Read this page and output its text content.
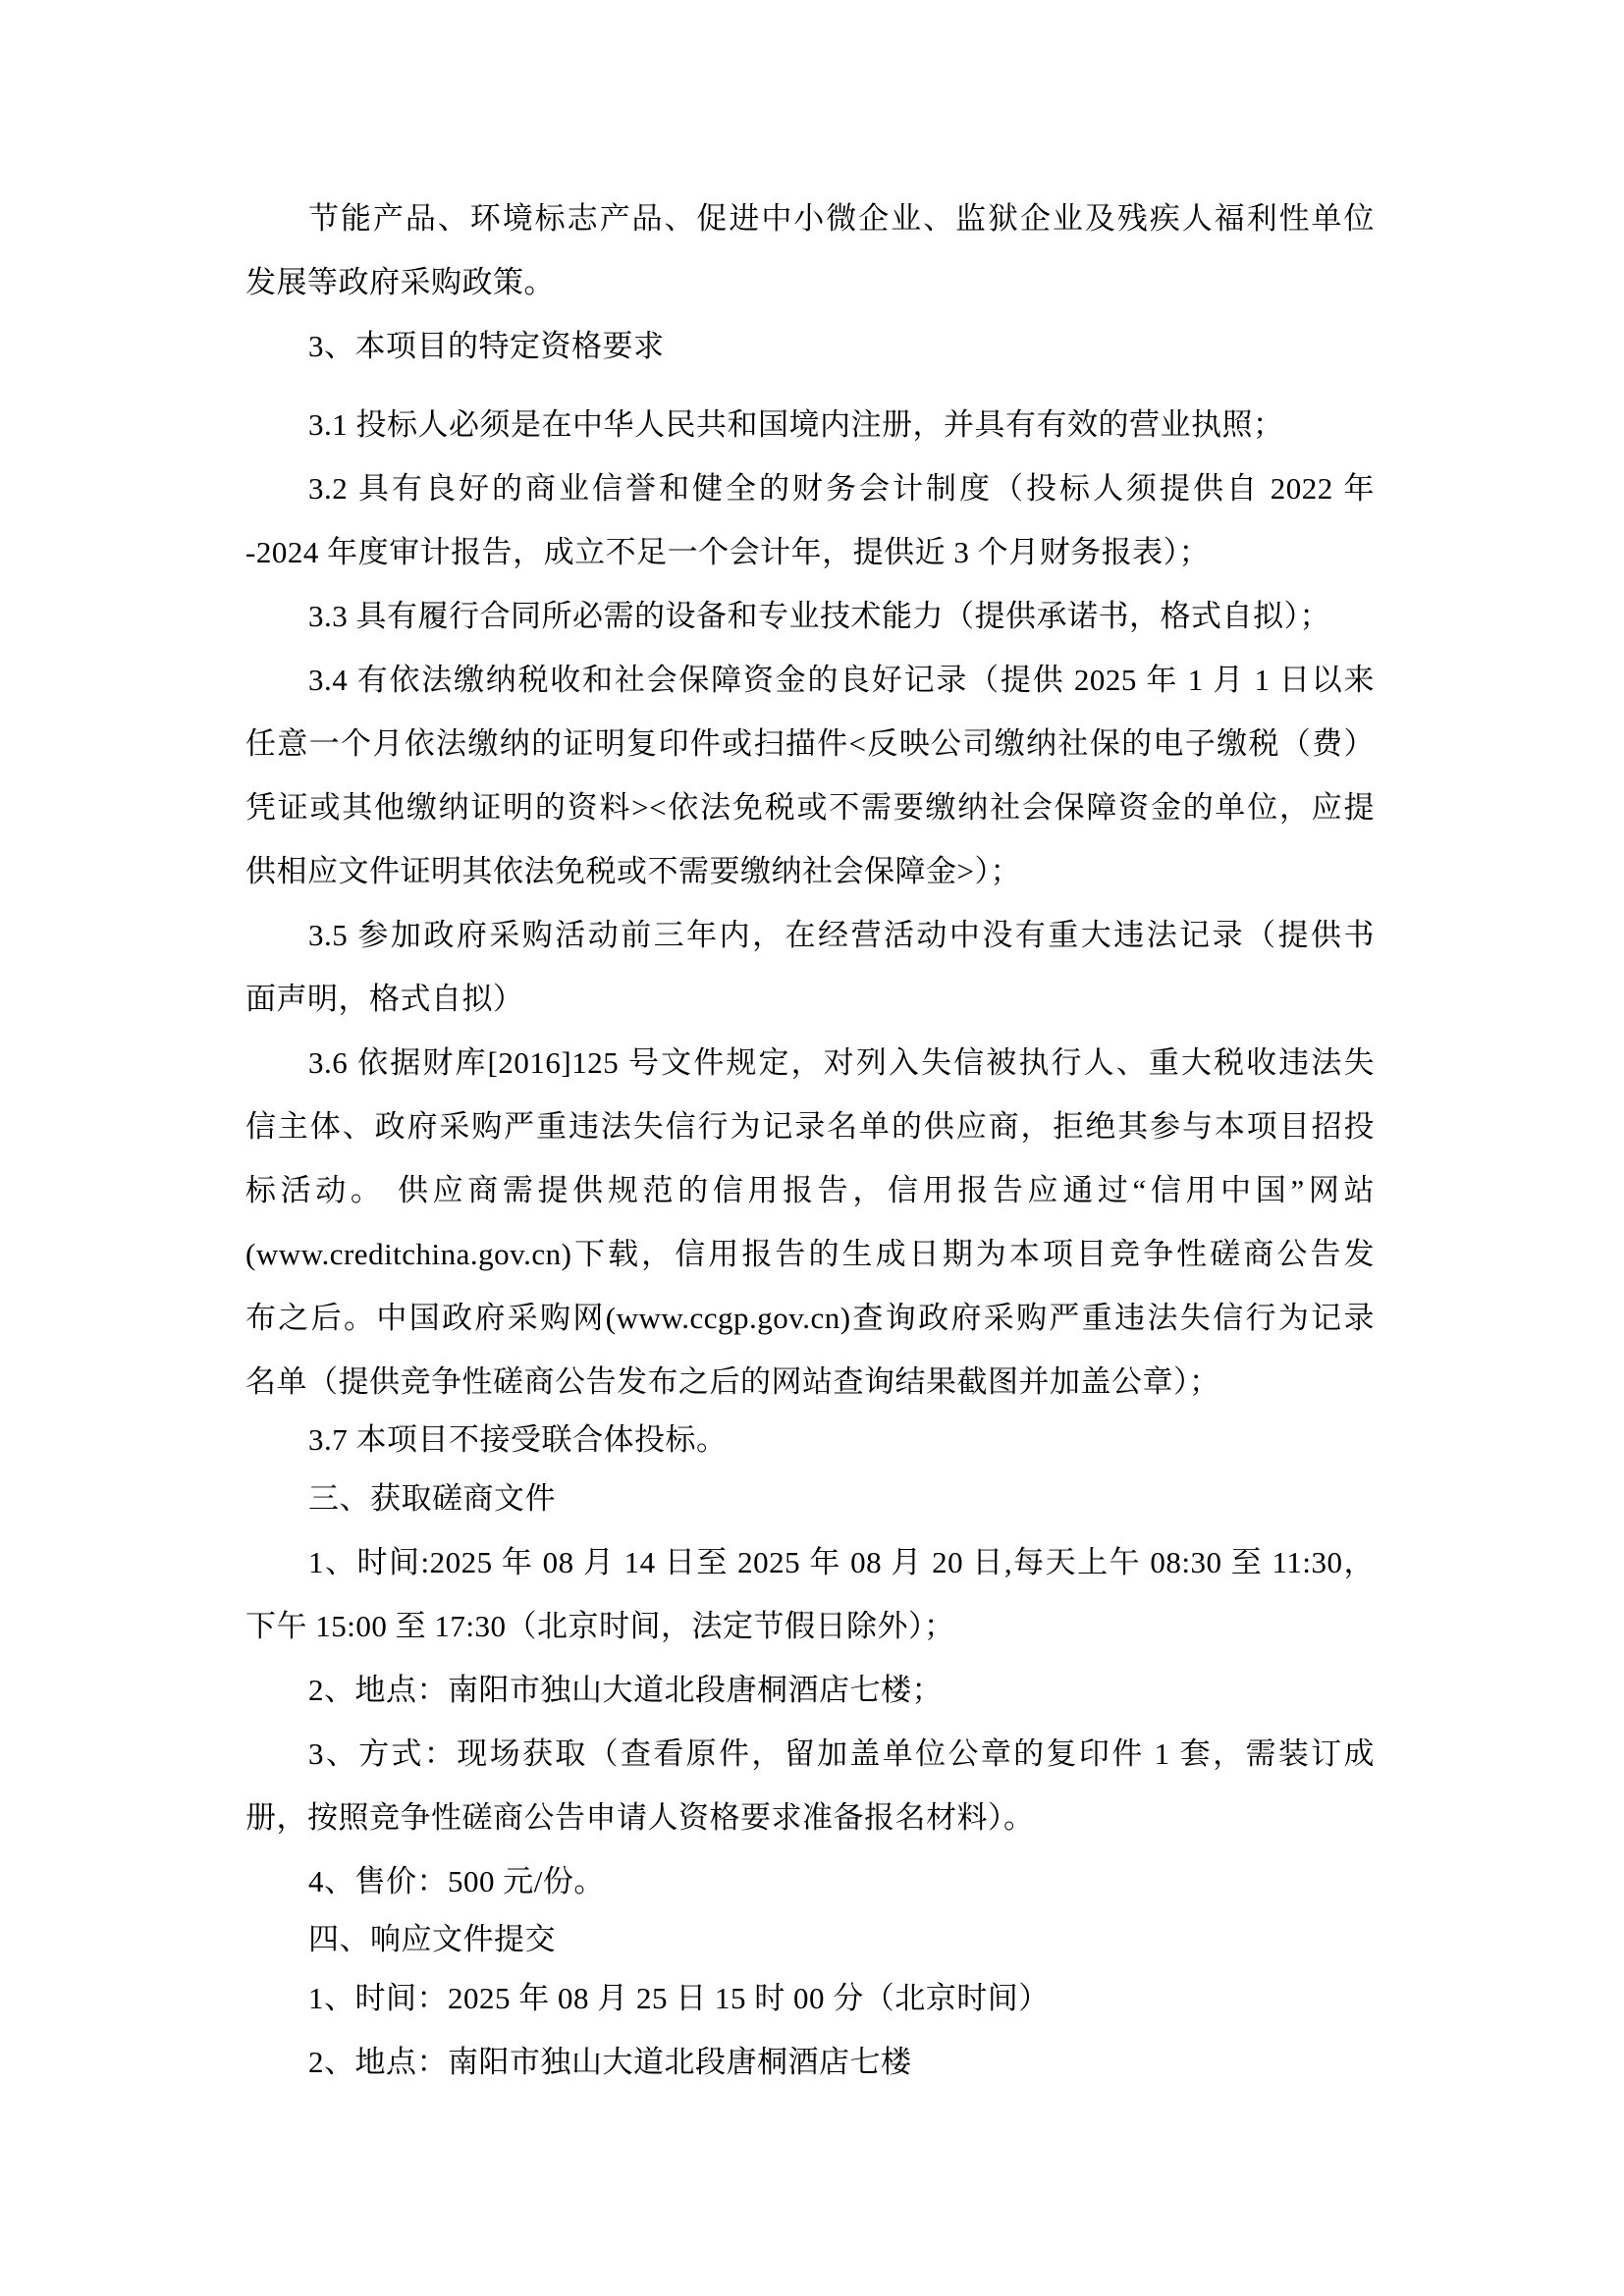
节能产品、环境标志产品、促进中小微企业、监狱企业及残疾人福利性单位
发展等政府采购政策。
3、本项目的特定资格要求
3.1 投标人必须是在中华人民共和国境内注册，并具有有效的营业执照；
3.2 具有良好的商业信誉和健全的财务会计制度（投标人须提供自 2022 年
-2024 年度审计报告，成立不足一个会计年，提供近 3 个月财务报表）；
3.3 具有履行合同所必需的设备和专业技术能力（提供承诺书，格式自拟）；
3.4 有依法缴纳税收和社会保障资金的良好记录（提供 2025 年 1 月 1 日以来
任意一个月依法缴纳的证明复印件或扫描件<反映公司缴纳社保的电子缴税（费）
凭证或其他缴纳证明的资料><依法免税或不需要缴纳社会保障资金的单位，应提
供相应文件证明其依法免税或不需要缴纳社会保障金>）；
3.5 参加政府采购活动前三年内，在经营活动中没有重大违法记录（提供书
面声明，格式自拟）
3.6 依据财库[2016]125 号文件规定，对列入失信被执行人、重大税收违法失
信主体、政府采购严重违法失信行为记录名单的供应商，拒绝其参与本项目招投
标活动。 供应商需提供规范的信用报告，信用报告应通过“信用中国”网站
(www.creditchina.gov.cn)下载，信用报告的生成日期为本项目竞争性磋商公告发
布之后。中国政府采购网(www.ccgp.gov.cn)查询政府采购严重违法失信行为记录
名单（提供竞争性磋商公告发布之后的网站查询结果截图并加盖公章）；
3.7 本项目不接受联合体投标。
三、获取磋商文件
1、时间:2025 年 08 月 14 日至 2025 年 08 月 20 日,每天上午 08:30 至 11:30，
下午 15:00 至 17:30（北京时间，法定节假日除外）；
2、地点：南阳市独山大道北段唐桐酒店七楼；
3、方式：现场获取（查看原件，留加盖单位公章的复印件 1 套，需装订成
册，按照竞争性磋商公告申请人资格要求准备报名材料）。
4、售价：500 元/份。
四、响应文件提交
1、时间：2025 年 08 月 25 日 15 时 00 分（北京时间）
2、地点：南阳市独山大道北段唐桐酒店七楼
